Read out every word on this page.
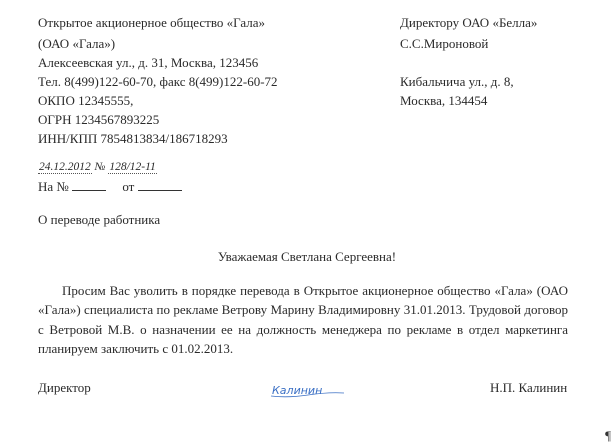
Открытое акционерное общество «Гала»
(ОАО «Гала»)
Алексеевская ул., д. 31, Москва, 123456
Тел. 8(499)122-60-70, факс 8(499)122-60-72
ОКПО 12345555,
ОГРН 1234567893225
ИНН/КПП 7854813834/186718293
Директору ОАО «Белла»
С.С.Мироновой
Кибальчича ул., д. 8,
Москва, 134454
24.12.2012 № 128/12-11
На №	от
О переводе работника
Уважаемая Светлана Сергеевна!
Просим Вас уволить в порядке перевода в Открытое акционерное общество «Гала» (ОАО «Гала») специалиста по рекламе Ветрову Марину Владимировну 31.01.2013. Трудовой договор с Ветровой М.В. о назначении ее на должность менеджера по рекламе в отдел маркетинга планируем заключить с 01.02.2013.
Директор	Калинин	Н.П. Калинин
¶
